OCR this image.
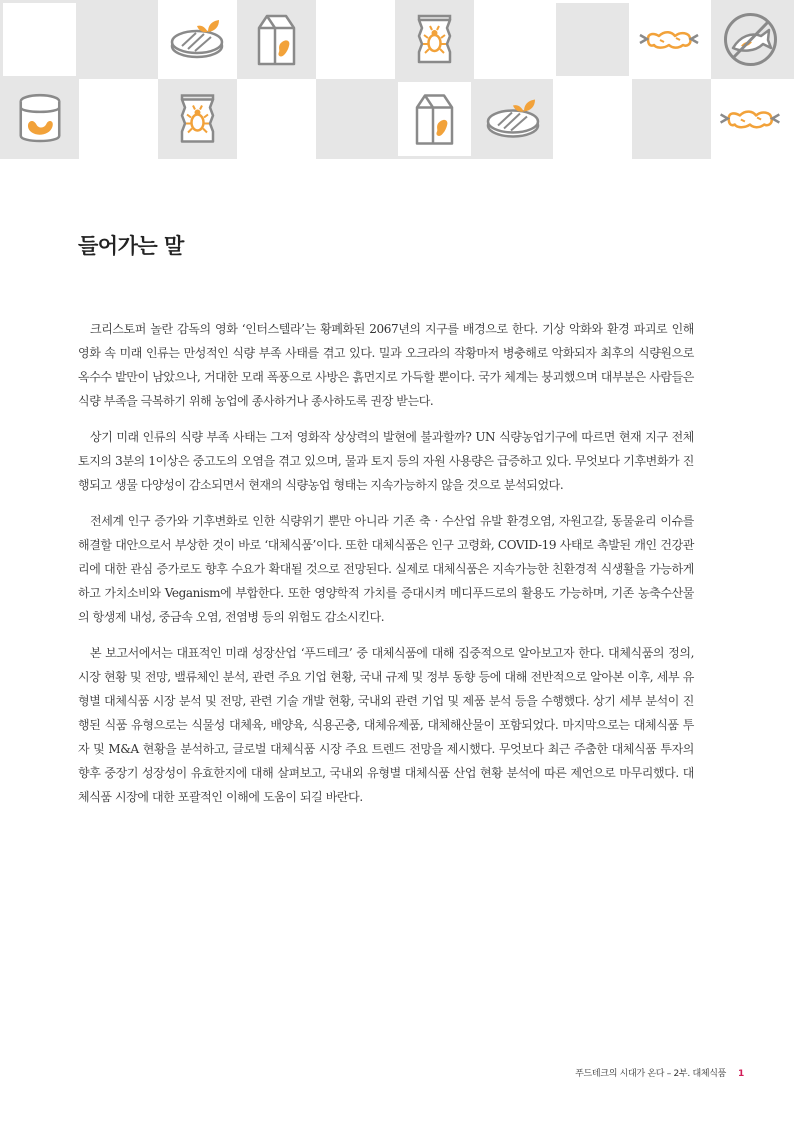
들어가는 말

크리스토퍼 놀란 감독의 영화 ‘인터스텔라’는 황폐화된 2067년의 지구를 배경으로 한다. 기상 악화와 환경 파괴로 인해 영화 속 미래 인류는 만성적인 식량 부족 사태를 겪고 있다. 밀과 오크라의 작황마저 병충해로 악화되자 최후의 식량원으로 옥수수 밭만이 남았으나, 거대한 모래 폭풍으로 사방은 흙먼지로 가득할 뿐이다. 국가 체계는 붕괴했으며 대부분은 사람들은 식량 부족을 극복하기 위해 농업에 종사하거나 종사하도록 권장 받는다.

상기 미래 인류의 식량 부족 사태는 그저 영화작 상상력의 발현에 불과할까? UN 식량농업기구에 따르면 현재 지구 전체 토지의 3분의 1이상은 중고도의 오염을 겪고 있으며, 물과 토지 등의 자원 사용량은 급증하고 있다. 무엇보다 기후변화가 진행되고 생물 다양성이 감소되면서 현재의 식량농업 형태는 지속가능하지 않을 것으로 분석되었다.

전세계 인구 증가와 기후변화로 인한 식량위기 뿐만 아니라 기존 축 · 수산업 유발 환경오염, 자원고갈, 동물윤리 이슈를 해결할 대안으로서 부상한 것이 바로 ‘대체식품’이다. 또한 대체식품은 인구 고령화, COVID-19 사태로 촉발된 개인 건강관리에 대한 관심 증가로도 향후 수요가 확대될 것으로 전망된다. 실제로 대체식품은 지속가능한 친환경적 식생활을 가능하게 하고 가치소비와 Veganism에 부합한다. 또한 영양학적 가치를 증대시켜 메디푸드로의 활용도 가능하며, 기존 농축수산물의 항생제 내성, 중금속 오염, 전염병 등의 위험도 감소시킨다.

본 보고서에서는 대표적인 미래 성장산업 ‘푸드테크’ 중 대체식품에 대해 집중적으로 알아보고자 한다. 대체식품의 정의, 시장 현황 및 전망, 밸류체인 분석, 관련 주요 기업 현황, 국내 규제 및 정부 동향 등에 대해 전반적으로 알아본 이후, 세부 유형별 대체식품 시장 분석 및 전망, 관련 기술 개발 현황, 국내외 관련 기업 및 제품 분석 등을 수행했다. 상기 세부 분석이 진행된 식품 유형으로는 식물성 대체육, 배양육, 식용곤충, 대체유제품, 대체해산물이 포함되었다. 마지막으로는 대체식품 투자 및 M&A 현황을 분석하고, 글로벌 대체식품 시장 주요 트렌드 전망을 제시했다. 무엇보다 최근 주춤한 대체식품 투자의 향후 중장기 성장성이 유효한지에 대해 살펴보고, 국내외 유형별 대체식품 산업 현황 분석에 따른 제언으로 마무리했다. 대체식품 시장에 대한 포괄적인 이해에 도움이 되길 바란다.

푸드테크의 시대가 온다 – 2부. 대체식품 1
